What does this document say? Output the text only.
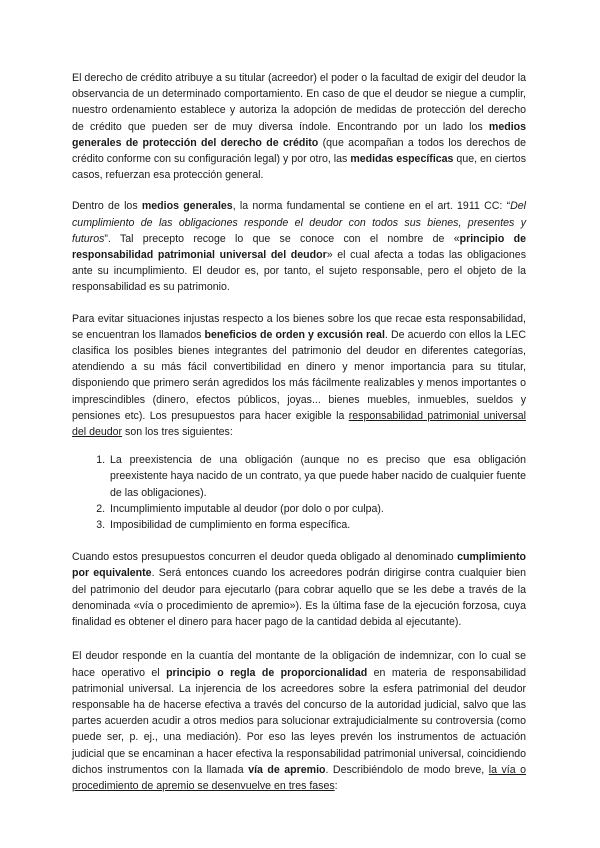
El derecho de crédito atribuye a su titular (acreedor) el poder o la facultad de exigir del deudor la observancia de un determinado comportamiento. En caso de que el deudor se niegue a cumplir, nuestro ordenamiento establece y autoriza la adopción de medidas de protección del derecho de crédito que pueden ser de muy diversa índole. Encontrando por un lado los medios generales de protección del derecho de crédito (que acompañan a todos los derechos de crédito conforme con su configuración legal) y por otro, las medidas específicas que, en ciertos casos, refuerzan esa protección general.

Dentro de los medios generales, la norma fundamental se contiene en el art. 1911 CC: “Del cumplimiento de las obligaciones responde el deudor con todos sus bienes, presentes y futuros”. Tal precepto recoge lo que se conoce con el nombre de «principio de responsabilidad patrimonial universal del deudor» el cual afecta a todas las obligaciones ante su incumplimiento. El deudor es, por tanto, el sujeto responsable, pero el objeto de la responsabilidad es su patrimonio.

Para evitar situaciones injustas respecto a los bienes sobre los que recae esta responsabilidad, se encuentran los llamados beneficios de orden y excusión real. De acuerdo con ellos la LEC clasifica los posibles bienes integrantes del patrimonio del deudor en diferentes categorías, atendiendo a su más fácil convertibilidad en dinero y menor importancia para su titular, disponiendo que primero serán agredidos los más fácilmente realizables y menos importantes o imprescindibles (dinero, efectos públicos, joyas... bienes muebles, inmuebles, sueldos y pensiones etc). Los presupuestos para hacer exigible la responsabilidad patrimonial universal del deudor son los tres siguientes:

1. La preexistencia de una obligación (aunque no es preciso que esa obligación preexistente haya nacido de un contrato, ya que puede haber nacido de cualquier fuente de las obligaciones).
2. Incumplimiento imputable al deudor (por dolo o por culpa).
3. Imposibilidad de cumplimiento en forma específica.

Cuando estos presupuestos concurren el deudor queda obligado al denominado cumplimiento por equivalente. Será entonces cuando los acreedores podrán dirigirse contra cualquier bien del patrimonio del deudor para ejecutarlo (para cobrar aquello que se les debe a través de la denominada «vía o procedimiento de apremio»). Es la última fase de la ejecución forzosa, cuya finalidad es obtener el dinero para hacer pago de la cantidad debida al ejecutante).

El deudor responde en la cuantía del montante de la obligación de indemnizar, con lo cual se hace operativo el principio o regla de proporcionalidad en materia de responsabilidad patrimonial universal. La injerencia de los acreedores sobre la esfera patrimonial del deudor responsable ha de hacerse efectiva a través del concurso de la autoridad judicial, salvo que las partes acuerden acudir a otros medios para solucionar extrajudicialmente su controversia (como puede ser, p. ej., una mediación). Por eso las leyes prevén los instrumentos de actuación judicial que se encaminan a hacer efectiva la responsabilidad patrimonial universal, coincidiendo dichos instrumentos con la llamada vía de apremio. Describiéndolo de modo breve, la vía o procedimiento de apremio se desenvuelve en tres fases:
